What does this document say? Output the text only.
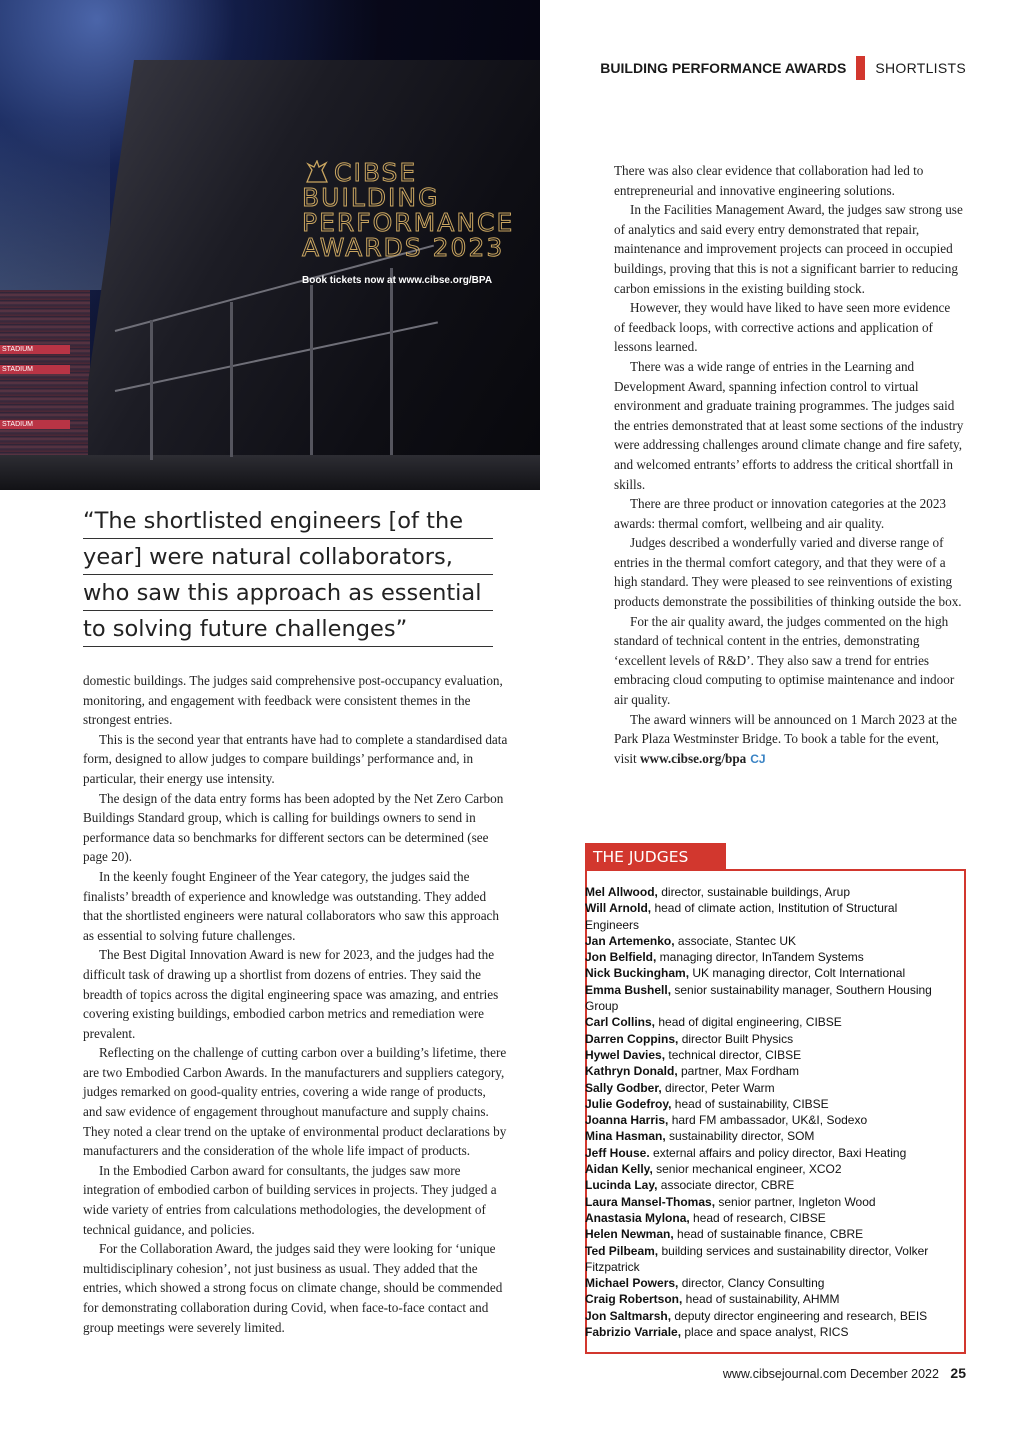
BUILDING PERFORMANCE AWARDS SHORTLISTS
STADIUM
STADIUM
STADIUM
CIBSE
BUILDING
PERFORMANCE
AWARDS 2023
Book tickets now at www.cibse.org/BPA
“The shortlisted engineers [of the
year] were natural collaborators,
who saw this approach as essential
to solving future challenges”

domestic buildings. The judges said comprehensive post-occupancy evaluation, monitoring, and engagement with feedback were consistent themes in the strongest entries.

This is the second year that entrants have had to complete a standardised data form, designed to allow judges to compare buildings’ performance and, in particular, their energy use intensity.

The design of the data entry forms has been adopted by the Net Zero Carbon Buildings Standard group, which is calling for buildings owners to send in performance data so benchmarks for different sectors can be determined (see page 20).

In the keenly fought Engineer of the Year category, the judges said the finalists’ breadth of experience and knowledge was outstanding. They added that the shortlisted engineers were natural collaborators who saw this approach as essential to solving future challenges.

The Best Digital Innovation Award is new for 2023, and the judges had the difficult task of drawing up a shortlist from dozens of entries. They said the breadth of topics across the digital engineering space was amazing, and entries covering existing buildings, embodied carbon metrics and remediation were prevalent.

Reflecting on the challenge of cutting carbon over a building’s lifetime, there are two Embodied Carbon Awards. In the manufacturers and suppliers category, judges remarked on good-quality entries, covering a wide range of products, and saw evidence of engagement throughout manufacture and supply chains. They noted a clear trend on the uptake of environmental product declarations by manufacturers and the consideration of the whole life impact of products.

In the Embodied Carbon award for consultants, the judges saw more integration of embodied carbon of building services in projects. They judged a wide variety of entries from calculations methodologies, the development of technical guidance, and policies.

For the Collaboration Award, the judges said they were looking for ‘unique multidisciplinary cohesion’, not just business as usual. They added that the entries, which showed a strong focus on climate change, should be commended for demonstrating collaboration during Covid, when face-to-face contact and group meetings were severely limited.

There was also clear evidence that collaboration had led to entrepreneurial and innovative engineering solutions.

In the Facilities Management Award, the judges saw strong use of analytics and said every entry demonstrated that repair, maintenance and improvement projects can proceed in occupied buildings, proving that this is not a significant barrier to reducing carbon emissions in the existing building stock.

However, they would have liked to have seen more evidence of feedback loops, with corrective actions and application of lessons learned.

There was a wide range of entries in the Learning and Development Award, spanning infection control to virtual environment and graduate training programmes. The judges said the entries demonstrated that at least some sections of the industry were addressing challenges around climate change and fire safety, and welcomed entrants’ efforts to address the critical shortfall in skills.

There are three product or innovation categories at the 2023 awards: thermal comfort, wellbeing and air quality.

Judges described a wonderfully varied and diverse range of entries in the thermal comfort category, and that they were of a high standard. They were pleased to see reinventions of existing products demonstrate the possibilities of thinking outside the box.

For the air quality award, the judges commented on the high standard of technical content in the entries, demonstrating ‘excellent levels of R&D’. They also saw a trend for entries embracing cloud computing to optimise maintenance and indoor air quality.

The award winners will be announced on 1 March 2023 at the Park Plaza Westminster Bridge. To book a table for the event, visit www.cibse.org/bpa CJ

THE JUDGES
Mel Allwood, director, sustainable buildings, Arup
Will Arnold, head of climate action, Institution of Structural Engineers
Jan Artemenko, associate, Stantec UK
Jon Belfield, managing director, InTandem Systems
Nick Buckingham, UK managing director, Colt International
Emma Bushell, senior sustainability manager, Southern Housing Group
Carl Collins, head of digital engineering, CIBSE
Darren Coppins, director Built Physics
Hywel Davies, technical director, CIBSE
Kathryn Donald, partner, Max Fordham
Sally Godber, director, Peter Warm
Julie Godefroy, head of sustainability, CIBSE
Joanna Harris, hard FM ambassador, UK&I, Sodexo
Mina Hasman, sustainability director, SOM
Jeff House. external affairs and policy director, Baxi Heating
Aidan Kelly, senior mechanical engineer, XCO2
Lucinda Lay, associate director, CBRE
Laura Mansel-Thomas, senior partner, Ingleton Wood
Anastasia Mylona, head of research, CIBSE
Helen Newman, head of sustainable finance, CBRE
Ted Pilbeam, building services and sustainability director, Volker Fitzpatrick
Michael Powers, director, Clancy Consulting
Craig Robertson, head of sustainability, AHMM
Jon Saltmarsh, deputy director engineering and research, BEIS
Fabrizio Varriale, place and space analyst, RICS
www.cibsejournal.com December 2022 25
